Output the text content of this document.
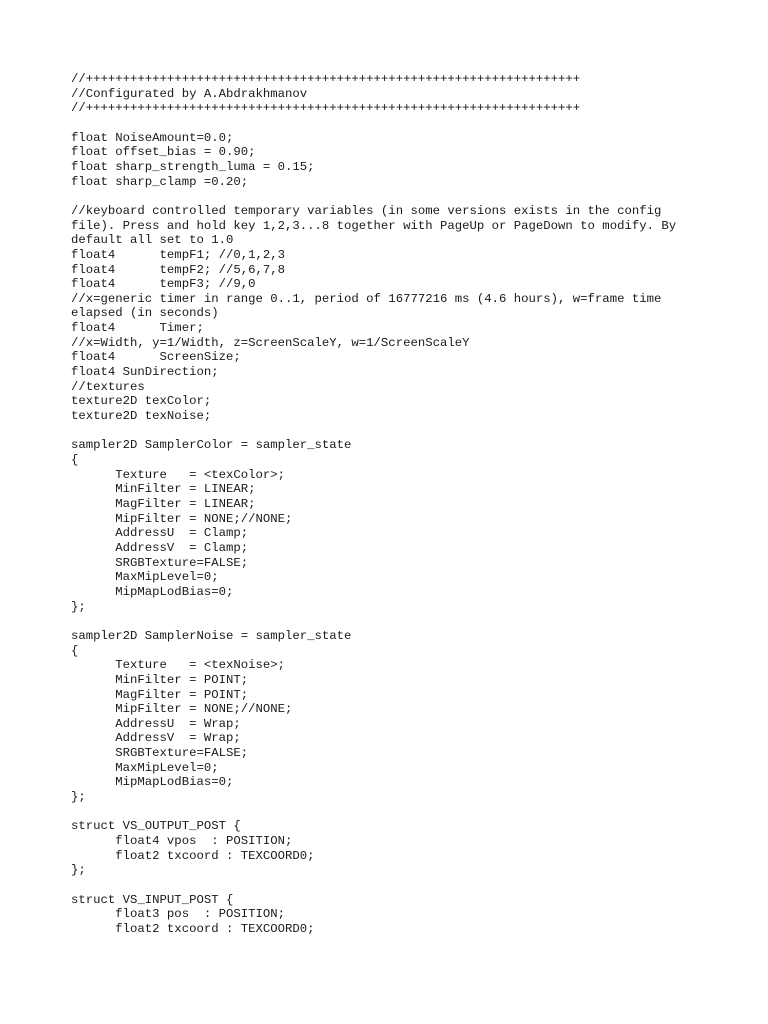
//+++++++++++++++++++++++++++++++++++++++++++++++++++++++++++++++++++
//Configurated by A.Abdrakhmanov
//+++++++++++++++++++++++++++++++++++++++++++++++++++++++++++++++++++
float NoiseAmount=0.0;
float offset_bias = 0.90;
float sharp_strength_luma = 0.15;
float sharp_clamp =0.20;
//keyboard controlled temporary variables (in some versions exists in the config
file). Press and hold key 1,2,3...8 together with PageUp or PageDown to modify. By
default all set to 1.0
float4      tempF1; //0,1,2,3
float4      tempF2; //5,6,7,8
float4      tempF3; //9,0
//x=generic timer in range 0..1, period of 16777216 ms (4.6 hours), w=frame time
elapsed (in seconds)
float4      Timer;
//x=Width, y=1/Width, z=ScreenScaleY, w=1/ScreenScaleY
float4      ScreenSize;
float4 SunDirection;
//textures
texture2D texColor;
texture2D texNoise;
sampler2D SamplerColor = sampler_state
{
Texture   = <texColor>;
MinFilter = LINEAR;
MagFilter = LINEAR;
MipFilter = NONE;//NONE;
AddressU  = Clamp;
AddressV  = Clamp;
SRGBTexture=FALSE;
MaxMipLevel=0;
MipMapLodBias=0;
};
sampler2D SamplerNoise = sampler_state
{
Texture   = <texNoise>;
MinFilter = POINT;
MagFilter = POINT;
MipFilter = NONE;//NONE;
AddressU  = Wrap;
AddressV  = Wrap;
SRGBTexture=FALSE;
MaxMipLevel=0;
MipMapLodBias=0;
};
struct VS_OUTPUT_POST {
float4 vpos  : POSITION;
float2 txcoord : TEXCOORD0;
};
struct VS_INPUT_POST {
float3 pos  : POSITION;
float2 txcoord : TEXCOORD0;
